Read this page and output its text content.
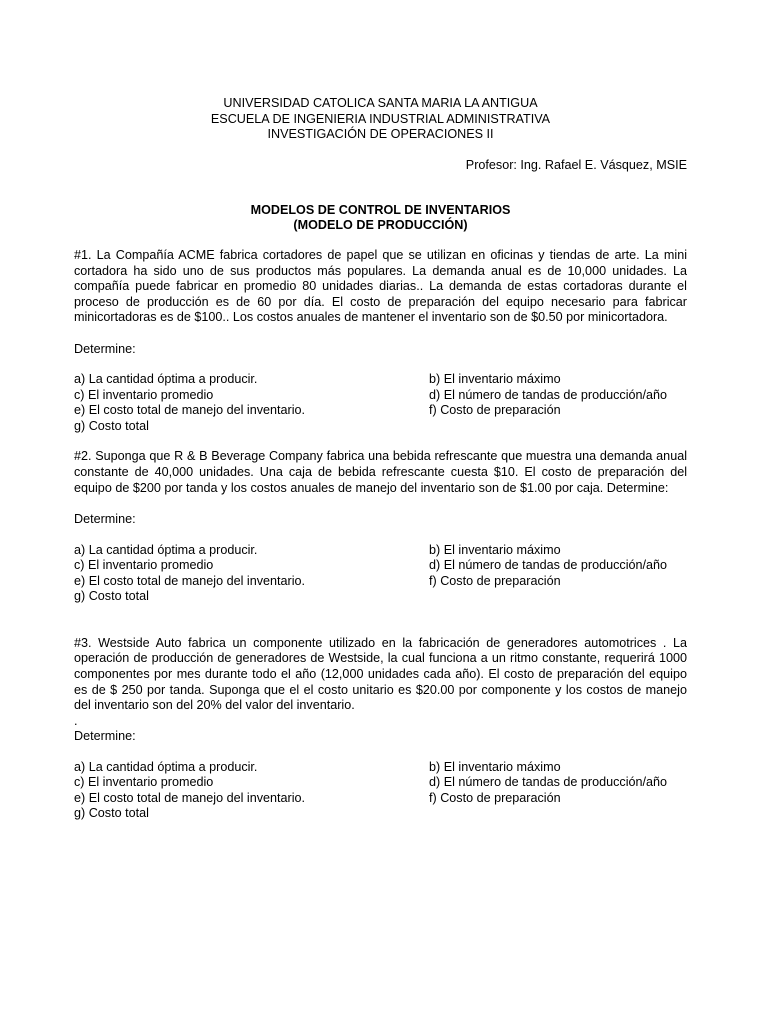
UNIVERSIDAD CATOLICA SANTA MARIA LA ANTIGUA
ESCUELA DE INGENIERIA INDUSTRIAL ADMINISTRATIVA
INVESTIGACIÓN DE OPERACIONES II
Profesor: Ing. Rafael E. Vásquez, MSIE
MODELOS DE CONTROL DE INVENTARIOS
(MODELO DE PRODUCCIÓN)
#1. La Compañía ACME fabrica cortadores de papel que se utilizan en oficinas y tiendas de arte. La mini cortadora ha sido uno de sus productos más populares. La demanda anual es de 10,000 unidades. La compañía puede fabricar en promedio 80 unidades diarias.. La demanda de estas cortadoras durante el proceso de producción es de 60 por día. El costo de preparación del equipo necesario para fabricar minicortadoras es de $100.. Los costos anuales de mantener el inventario son de $0.50 por minicortadora.
Determine:
a) La cantidad óptima a producir.	b) El inventario máximo
c) El inventario promedio	d) El número de tandas de producción/año
e) El costo total de manejo del inventario.	f) Costo de preparación
g) Costo total
#2. Suponga que R & B Beverage Company fabrica una bebida refrescante que muestra una demanda anual constante de 40,000 unidades. Una caja de bebida refrescante cuesta $10. El costo de preparación del equipo de $200 por tanda y los costos anuales de manejo del inventario son de $1.00 por caja. Determine:
Determine:
a) La cantidad óptima a producir.	b) El inventario máximo
c) El inventario promedio	d) El número de tandas de producción/año
e) El costo total de manejo del inventario.	f) Costo de preparación
g) Costo total
#3. Westside Auto fabrica un componente utilizado en la fabricación de generadores automotrices . La operación de producción de generadores de Westside, la cual funciona a un ritmo constante, requerirá 1000 componentes por mes durante todo el año (12,000 unidades cada año). El costo de preparación del equipo es de $ 250 por tanda. Suponga que el el costo unitario es $20.00 por componente y los costos de manejo del inventario son del 20% del valor del inventario.
.
Determine:
a) La cantidad óptima a producir.	b) El inventario máximo
c) El inventario promedio	d) El número de tandas de producción/año
e) El costo total de manejo del inventario.	f) Costo de preparación
g) Costo total
